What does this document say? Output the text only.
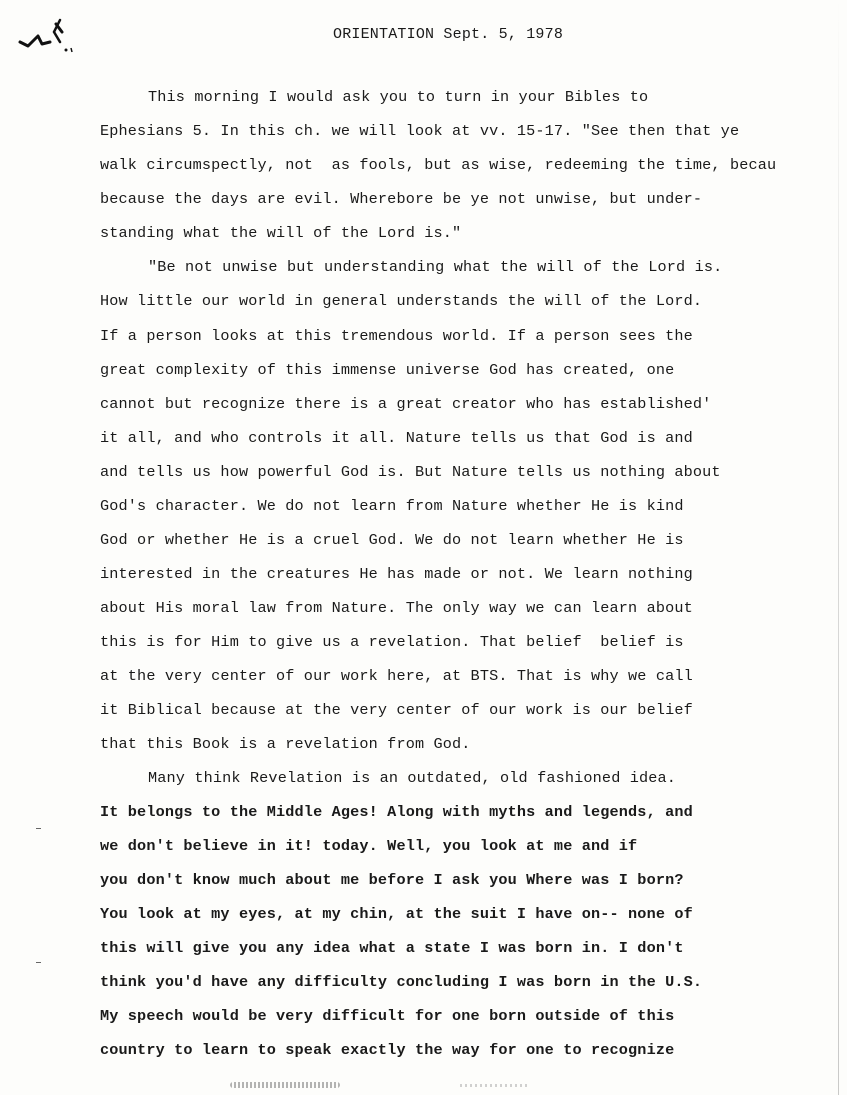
ORIENTATION Sept. 5, 1978
This morning I would ask you to turn in your Bibles to
Ephesians 5. In this ch. we will look at vv. 15-17. "See then that ye
walk circumspectly, not  as fools, but as wise, redeeming the time, becau
because the days are evil. Wherebore be ye not unwise, but under-
standing what the will of the Lord is."
"Be not unwise but understanding what the will of the Lord is.
How little our world in general understands the will of the Lord.
If a person looks at this tremendous world. If a person sees the
great complexity of this immense universe God has created, one
cannot but recognize there is a great creator who has established'
it all, and who controls it all. Nature tells us that God is and
and tells us how powerful God is. But Nature tells us nothing about
God's character. We do not learn from Nature whether He is kind
God or whether He is a cruel God. We do not learn whether He is
interested in the creatures He has made or not. We learn nothing
about His moral law from Nature. The only way we can learn about
this is for Him to give us a revelation. That belief  belief is
at the very center of our work here, at BTS. That is why we call
it Biblical because at the very center of our work is our belief
that this Book is a revelation from God.
Many think Revelation is an outdated, old fashioned idea.
It belongs to the Middle Ages! Along with myths and legends, and
we don't believe in it! today. Well, you look at me and if
you don't know much about me before I ask you Where was I born?
You look at my eyes, at my chin, at the suit I have on-- none of
this will give you any idea what a state I was born in. I don't
think you'd have any difficulty concluding I was born in the U.S.
My speech would be very difficult for one born outside of this
country to learn to speak exactly the way for one to recognize
